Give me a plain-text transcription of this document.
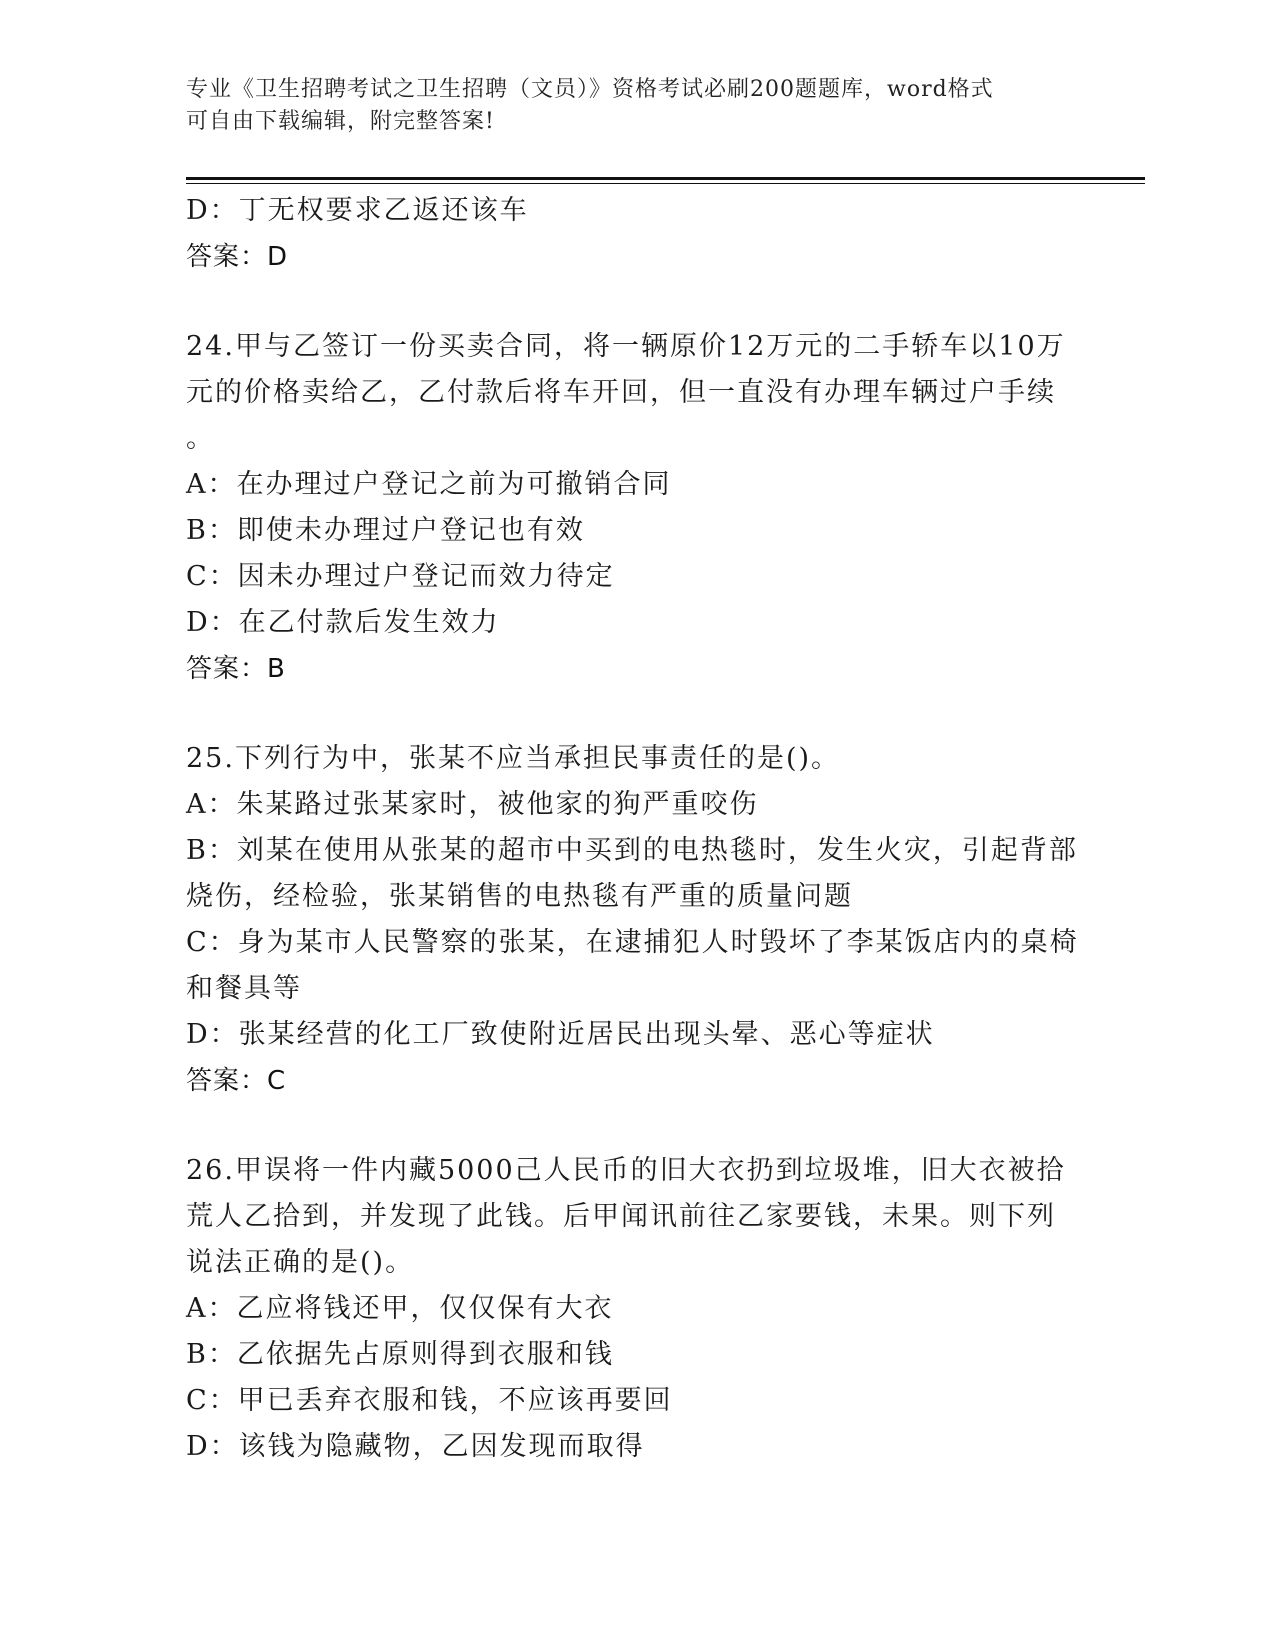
专业《卫生招聘考试之卫生招聘（文员）》资格考试必刷200题题库，word格式
可自由下载编辑，附完整答案!
D：丁无权要求乙返还该车
答案：D
24.甲与乙签订一份买卖合同，将一辆原价12万元的二手轿车以10万
元的价格卖给乙，乙付款后将车开回，但一直没有办理车辆过户手续
。
A：在办理过户登记之前为可撤销合同
B：即使未办理过户登记也有效
C：因未办理过户登记而效力待定
D：在乙付款后发生效力
答案：B
25.下列行为中，张某不应当承担民事责任的是()。
A：朱某路过张某家时，被他家的狗严重咬伤
B：刘某在使用从张某的超市中买到的电热毯时，发生火灾，引起背部
烧伤，经检验，张某销售的电热毯有严重的质量问题
C：身为某市人民警察的张某，在逮捕犯人时毁坏了李某饭店内的桌椅
和餐具等
D：张某经营的化工厂致使附近居民出现头晕、恶心等症状
答案：C
26.甲误将一件内藏5000己人民币的旧大衣扔到垃圾堆，旧大衣被拾
荒人乙拾到，并发现了此钱。后甲闻讯前往乙家要钱，未果。则下列
说法正确的是()。
A：乙应将钱还甲，仅仅保有大衣
B：乙依据先占原则得到衣服和钱
C：甲已丢弃衣服和钱，不应该再要回
D：该钱为隐藏物，乙因发现而取得
